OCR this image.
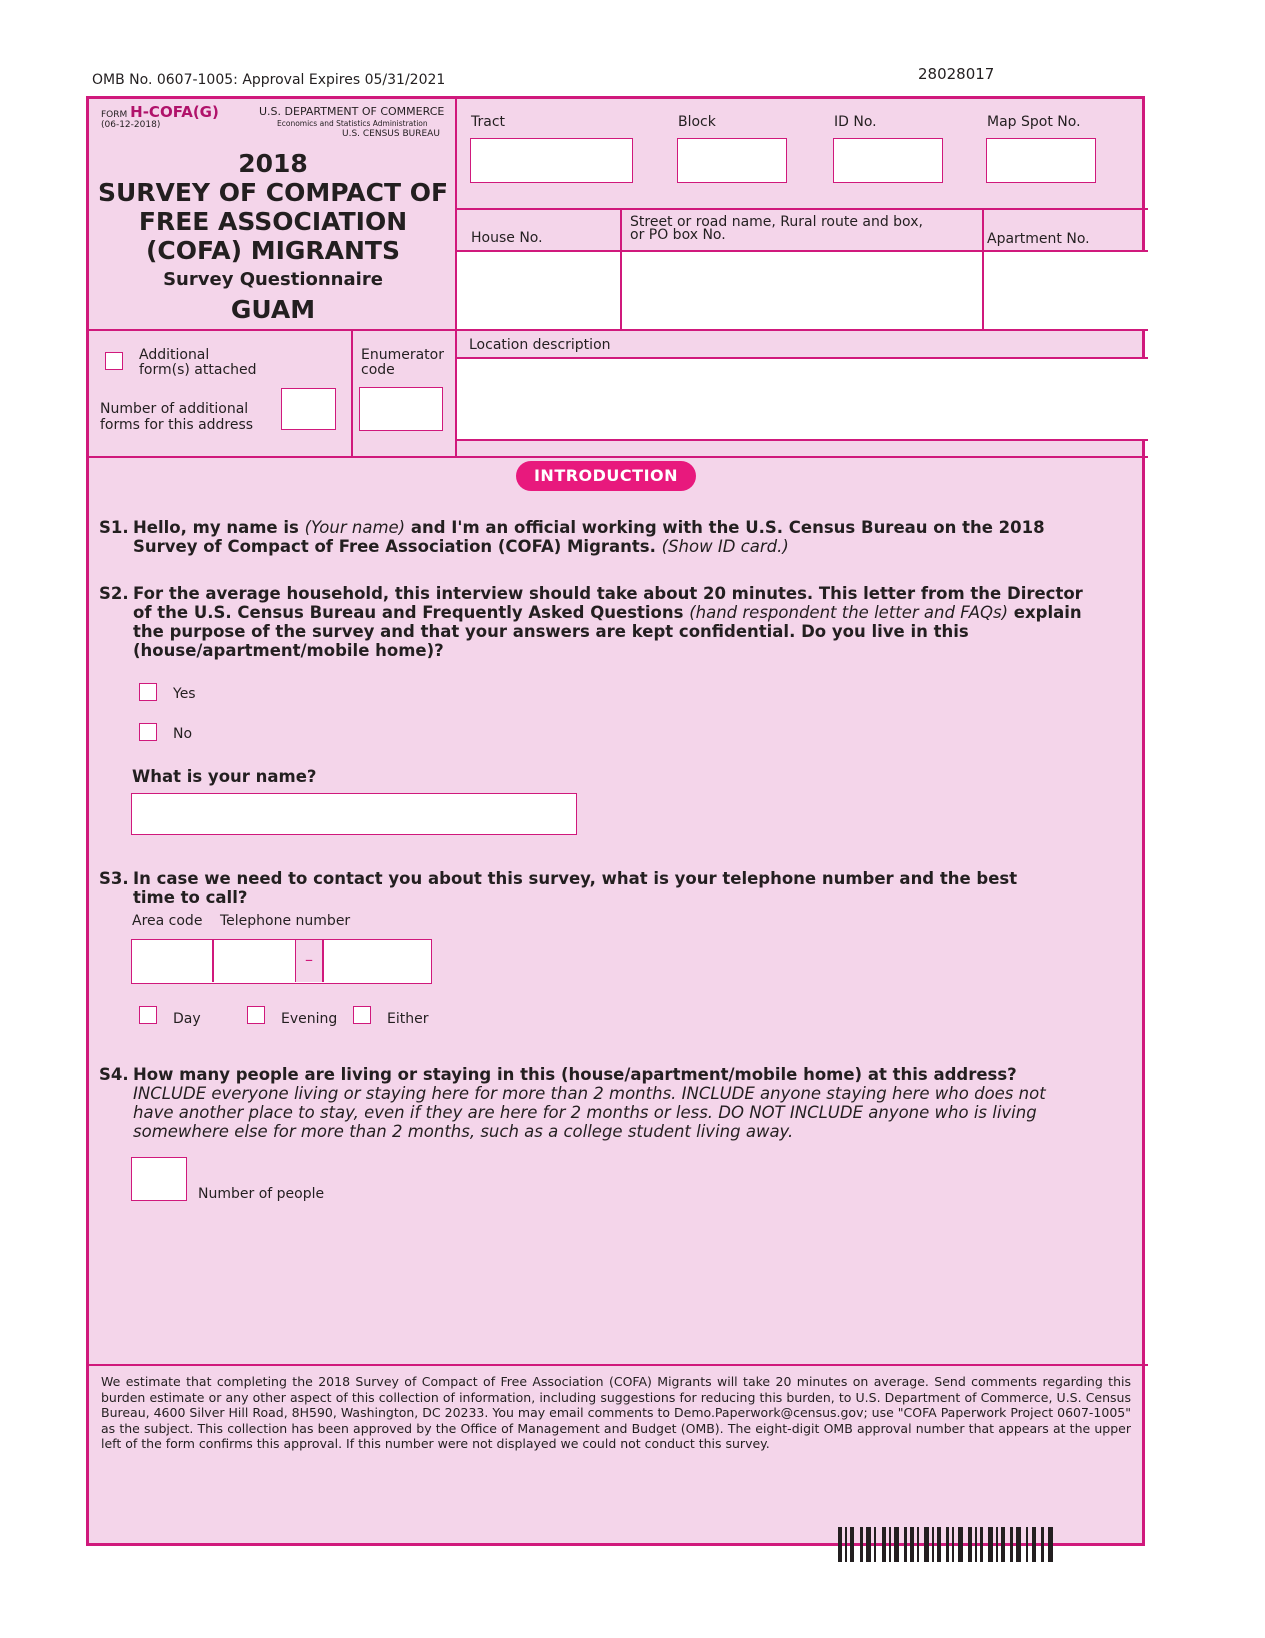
OMB No. 0607-1005: Approval Expires 05/31/2021	28028017
FORM H-COFA(G)
(06-12-2018)
U.S. DEPARTMENT OF COMMERCE
Economics and Statistics Administration
U.S. CENSUS BUREAU
2018
SURVEY OF COMPACT OF
FREE ASSOCIATION
(COFA) MIGRANTS
Survey Questionnaire
GUAM
Tract	Block	ID No.	Map Spot No.
House No.
Street or road name, Rural route and box,
or PO box No.	Apartment No.
Additional
form(s) attached
Number of additional
forms for this address
Enumerator
code
Location description
INTRODUCTION
S1. Hello, my name is (Your name) and I'm an official working with the U.S. Census Bureau on the 2018 Survey of Compact of Free Association (COFA) Migrants. (Show ID card.)
S2. For the average household, this interview should take about 20 minutes. This letter from the Director of the U.S. Census Bureau and Frequently Asked Questions (hand respondent the letter and FAQs) explain the purpose of the survey and that your answers are kept confidential. Do you live in this (house/apartment/mobile home)?
Yes
No
What is your name?
S3. In case we need to contact you about this survey, what is your telephone number and the best time to call?
Area code Telephone number
–
Day	Evening	Either
S4. How many people are living or staying in this (house/apartment/mobile home) at this address? INCLUDE everyone living or staying here for more than 2 months. INCLUDE anyone staying here who does not have another place to stay, even if they are here for 2 months or less. DO NOT INCLUDE anyone who is living somewhere else for more than 2 months, such as a college student living away.
Number of people
We estimate that completing the 2018 Survey of Compact of Free Association (COFA) Migrants will take 20 minutes on average. Send comments regarding this burden estimate or any other aspect of this collection of information, including suggestions for reducing this burden, to U.S. Department of Commerce, U.S. Census Bureau, 4600 Silver Hill Road, 8H590, Washington, DC 20233. You may email comments to Demo.Paperwork@census.gov; use "COFA Paperwork Project 0607-1005" as the subject. This collection has been approved by the Office of Management and Budget (OMB). The eight-digit OMB approval number that appears at the upper left of the form confirms this approval. If this number were not displayed we could not conduct this survey.
